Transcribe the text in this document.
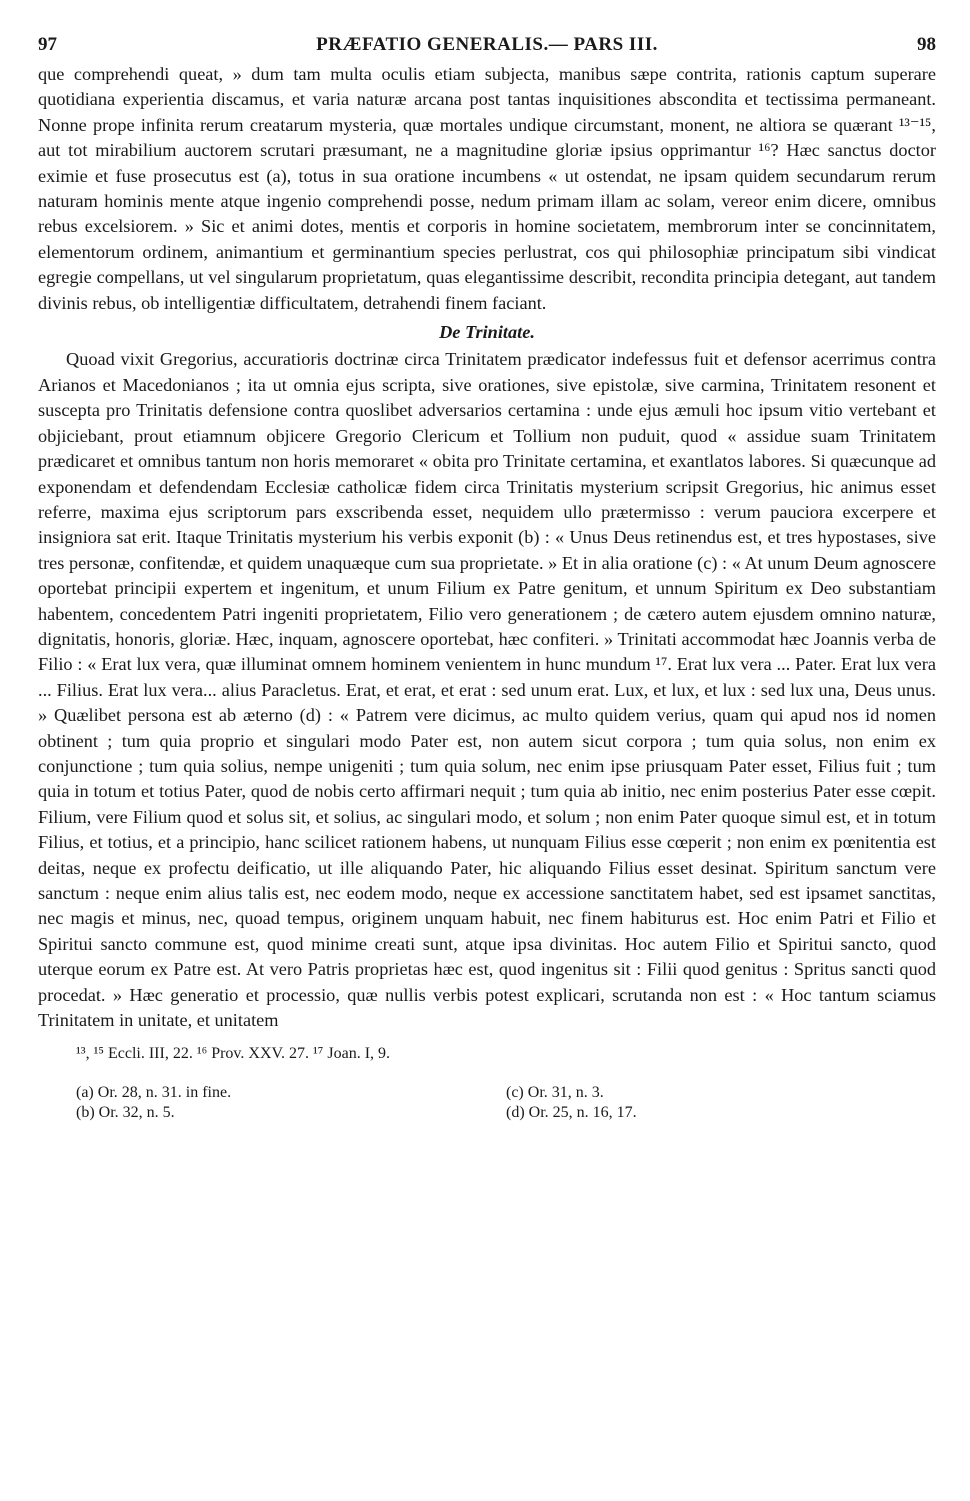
97	PRÆFATIO GENERALIS.— PARS III.	98

que comprehendi queat, » dum tam multa oculis etiam subjecta, manibus sæpe contrita, rationis captum superare quotidiana experientia discamus, et varia naturæ arcana post tantas inquisitiones abscondita et tectissima permaneant. Nonne prope infinita rerum creatarum mysteria, quæ mortales undique circumstant, monent, ne altiora se quærant ¹³⁻¹⁵, aut tot mirabilium auctorem scrutari præsumant, ne a magnitudine gloriæ ipsius opprimantur ¹⁶? Hæc sanctus doctor eximie et fuse prosecutus est (a), totus in sua oratione incumbens « ut ostendat, ne ipsam quidem secundarum rerum naturam hominis mente atque ingenio comprehendi posse, nedum primam illam ac solam, vereor enim dicere, omnibus rebus excelsiorem. » Sic et animi dotes, mentis et corporis in homine societatem, membrorum inter se concinnitatem, elementorum ordinem, animantium et germinantium species perlustrat, cos qui philosophiæ principatum sibi vindicat egregie compellans, ut vel singularum proprietatum, quas elegantissime describit, recondita principia detegant, aut tandem divinis rebus, ob intelligentiæ difficultatem, detrahendi finem faciant.

De Trinitate.

Quoad vixit Gregorius, accuratioris doctrinæ circa Trinitatem prædicator indefessus fuit et defensor acerrimus contra Arianos et Macedonianos ; ita ut omnia ejus scripta, sive orationes, sive epistolæ, sive carmina, Trinitatem resonent et suscepta pro Trinitatis defensione contra quoslibet adversarios certamina : unde ejus æmuli hoc ipsum vitio vertebant et objiciebant, prout etiamnum objicere Gregorio Clericum et Tollium non puduit, quod « assidue suam Trinitatem prædicaret et omnibus tantum non horis memoraret « obita pro Trinitate certamina, et exantlatos labores. Si quæcunque ad exponendam et defendendam Ecclesiæ catholicæ fidem circa Trinitatis mysterium scripsit Gregorius, hic animus esset referre, maxima ejus scriptorum pars exscribenda esset, nequidem ullo prætermisso : verum pauciora excerpere et insigniora sat erit. Itaque Trinitatis mysterium his verbis exponit (b) : « Unus Deus retinendus est, et tres hypostases, sive tres personæ, confitendæ, et quidem unaquæque cum sua proprietate. » Et in alia oratione (c) : « At unum Deum agnoscere oportebat principii expertem et ingenitum, et unum Filium ex Patre genitum, et unnum Spiritum ex Deo substantiam habentem, concedentem Patri ingeniti proprietatem, Filio vero generationem ; de cætero autem ejusdem omnino naturæ, dignitatis, honoris, gloriæ. Hæc, inquam, agnoscere oportebat, hæc confiteri. » Trinitati accommodat hæc Joannis verba de Filio : « Erat lux vera, quæ illuminat omnem hominem venientem in hunc mundum ¹⁷. Erat lux vera ... Pater. Erat lux vera ... Filius. Erat lux vera... alius Paracletus. Erat, et erat, et erat : sed unum erat. Lux, et lux, et lux : sed lux una, Deus unus. » Quælibet persona est ab æterno (d) : « Patrem vere dicimus, ac multo quidem verius, quam qui apud nos id nomen obtinent ; tum quia proprio et singulari modo Pater est, non autem sicut corpora ; tum quia solus, non enim ex conjunctione ; tum quia solius, nempe unigeniti ; tum quia solum, nec enim ipse priusquam Pater esset, Filius fuit ; tum quia in totum et totius Pater, quod de nobis certo affirmari nequit ; tum quia ab initio, nec enim posterius Pater esse cœpit. Filium, vere Filium quod et solus sit, et solius, ac singulari modo, et solum ; non enim Pater quoque simul est, et in totum Filius, et totius, et a principio, hanc scilicet rationem habens, ut nunquam Filius esse cœperit ; non enim ex pœnitentia est deitas, neque ex profectu deificatio, ut ille aliquando Pater, hic aliquando Filius esset desinat. Spiritum sanctum vere sanctum : neque enim alius talis est, nec eodem modo, neque ex accessione sanctitatem habet, sed est ipsamet sanctitas, nec magis et minus, nec, quoad tempus, originem unquam habuit, nec finem habiturus est. Hoc enim Patri et Filio et Spiritui sancto commune est, quod minime creati sunt, atque ipsa divinitas. Hoc autem Filio et Spiritui sancto, quod uterque eorum ex Patre est. At vero Patris proprietas hæc est, quod ingenitus sit : Filii quod genitus : Spritus sancti quod procedat. » Hæc generatio et processio, quæ nullis verbis potest explicari, scrutanda non est : « Hoc tantum sciamus Trinitatem in unitate, et unitatem

¹³, ¹⁵ Eccli. III, 22. ¹⁶ Prov. XXV. 27. ¹⁷ Joan. I, 9.
(a) Or. 28, n. 31. in fine.
(b) Or. 32, n. 5.
(c) Or. 31, n. 3.
(d) Or. 25, n. 16, 17.
